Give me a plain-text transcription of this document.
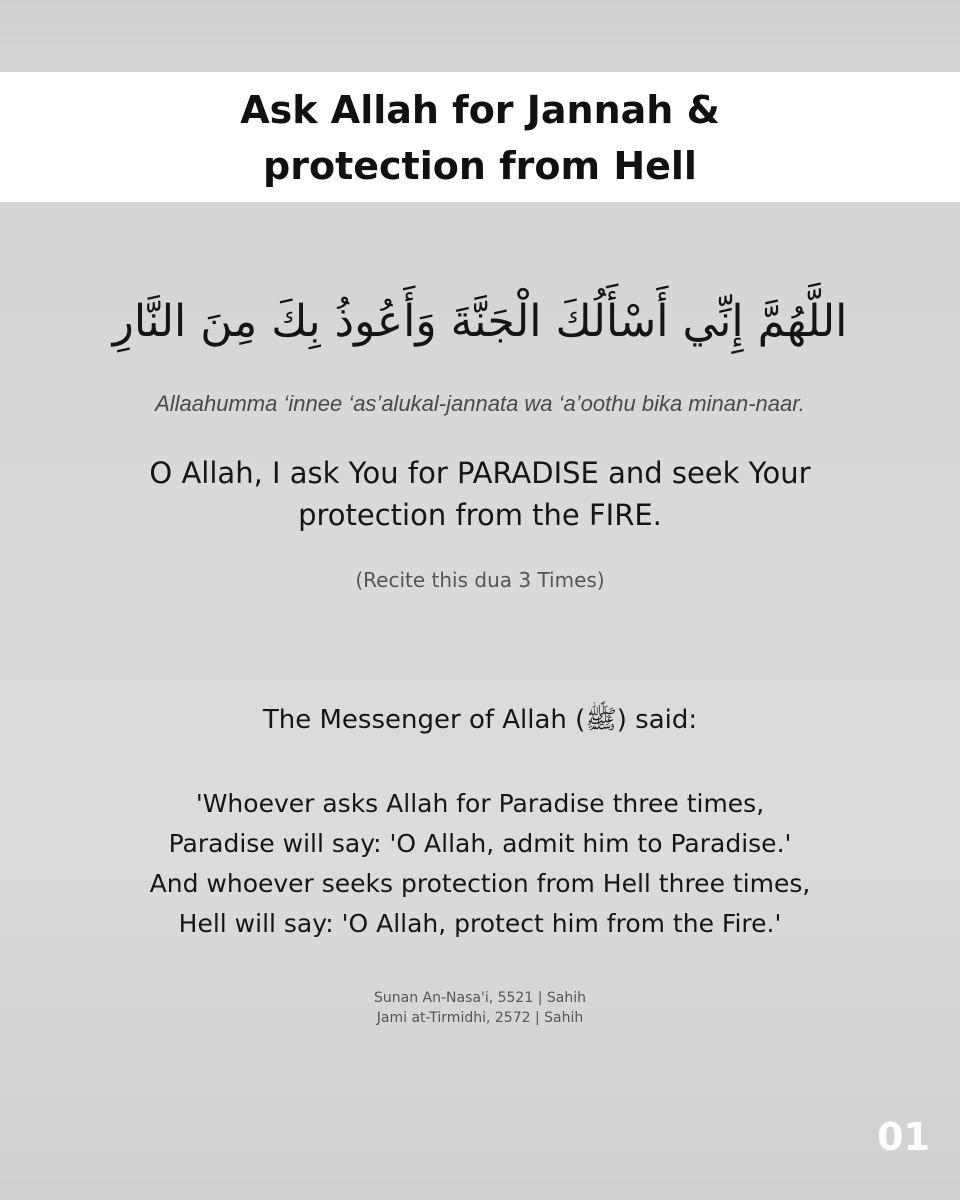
Ask Allah for Jannah &
protection from Hell
اللَّهُمَّ إِنِّي أَسْأَلُكَ الْجَنَّةَ وَأَعُوذُ بِكَ مِنَ النَّارِ
Allaahumma ‘innee ‘as’alukal-jannata wa ‘a’oothu bika minan-naar.
O Allah, I ask You for PARADISE and seek Your
protection from the FIRE.
(Recite this dua 3 Times)
The Messenger of Allah (ﷺ) said:
'Whoever asks Allah for Paradise three times,
Paradise will say: 'O Allah, admit him to Paradise.'
And whoever seeks protection from Hell three times,
Hell will say: 'O Allah, protect him from the Fire.'
Sunan An-Nasa'i, 5521 | Sahih
Jami at-Tirmidhi, 2572 | Sahih
01
